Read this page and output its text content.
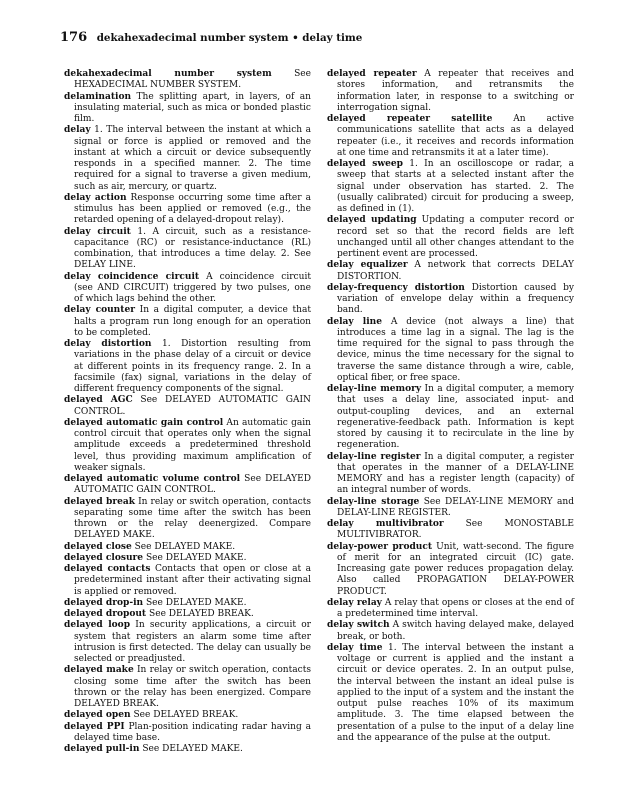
176 dekahexadecimal number system • delay time

dekahexadecimal number system See HEXADECIMAL NUMBER SYSTEM.

delamination The splitting apart, in layers, of an insulating material, such as mica or bonded plastic film.

delay 1. The interval between the instant at which a signal or force is applied or removed and the instant at which a circuit or device subsequently responds in a specified manner. 2. The time required for a signal to traverse a given medium, such as air, mercury, or quartz.

delay action Response occurring some time after a stimulus has been applied or removed (e.g., the retarded opening of a delayed-dropout relay).

delay circuit 1. A circuit, such as a resistance-capacitance (RC) or resistance-inductance (RL) combination, that introduces a time delay. 2. See DELAY LINE.

delay coincidence circuit A coincidence circuit (see AND CIRCUIT) triggered by two pulses, one of which lags behind the other.

delay counter In a digital computer, a device that halts a program run long enough for an operation to be completed.

delay distortion 1. Distortion resulting from variations in the phase delay of a circuit or device at different points in its frequency range. 2. In a facsimile (fax) signal, variations in the delay of different frequency components of the signal.

delayed AGC See DELAYED AUTOMATIC GAIN CONTROL.

delayed automatic gain control An automatic gain control circuit that operates only when the signal amplitude exceeds a predetermined threshold level, thus providing maximum amplification of weaker signals.

delayed automatic volume control See DELAYED AUTOMATIC GAIN CONTROL.

delayed break In relay or switch operation, contacts separating some time after the switch has been thrown or the relay deenergized. Compare DELAYED MAKE.

delayed close See DELAYED MAKE.

delayed closure See DELAYED MAKE.

delayed contacts Contacts that open or close at a predetermined instant after their activating signal is applied or removed.

delayed drop-in See DELAYED MAKE.

delayed dropout See DELAYED BREAK.

delayed loop In security applications, a circuit or system that registers an alarm some time after intrusion is first detected. The delay can usually be selected or preadjusted.

delayed make In relay or switch operation, contacts closing some time after the switch has been thrown or the relay has been energized. Compare DELAYED BREAK.

delayed open See DELAYED BREAK.

delayed PPI Plan-position indicating radar having a delayed time base.

delayed pull-in See DELAYED MAKE.

delayed repeater A repeater that receives and stores information, and retransmits the information later, in response to a switching or interrogation signal.

delayed repeater satellite An active communications satellite that acts as a delayed repeater (i.e., it receives and records information at one time and retransmits it at a later time).

delayed sweep 1. In an oscilloscope or radar, a sweep that starts at a selected instant after the signal under observation has started. 2. The (usually calibrated) circuit for producing a sweep, as defined in (1).

delayed updating Updating a computer record or record set so that the record fields are left unchanged until all other changes attendant to the pertinent event are processed.

delay equalizer A network that corrects DELAY DISTORTION.

delay-frequency distortion Distortion caused by variation of envelope delay within a frequency band.

delay line A device (not always a line) that introduces a time lag in a signal. The lag is the time required for the signal to pass through the device, minus the time necessary for the signal to traverse the same distance through a wire, cable, optical fiber, or free space.

delay-line memory In a digital computer, a memory that uses a delay line, associated input- and output-coupling devices, and an external regenerative-feedback path. Information is kept stored by causing it to recirculate in the line by regeneration.

delay-line register In a digital computer, a register that operates in the manner of a DELAY-LINE MEMORY and has a register length (capacity) of an integral number of words.

delay-line storage See DELAY-LINE MEMORY and DELAY-LINE REGISTER.

delay multivibrator See MONOSTABLE MULTIVIBRATOR.

delay-power product Unit, watt-second. The figure of merit for an integrated circuit (IC) gate. Increasing gate power reduces propagation delay. Also called PROPAGATION DELAY-POWER PRODUCT.

delay relay A relay that opens or closes at the end of a predetermined time interval.

delay switch A switch having delayed make, delayed break, or both.

delay time 1. The interval between the instant a voltage or current is applied and the instant a circuit or device operates. 2. In an output pulse, the interval between the instant an ideal pulse is applied to the input of a system and the instant the output pulse reaches 10% of its maximum amplitude. 3. The time elapsed between the presentation of a pulse to the input of a delay line and the appearance of the pulse at the output.
